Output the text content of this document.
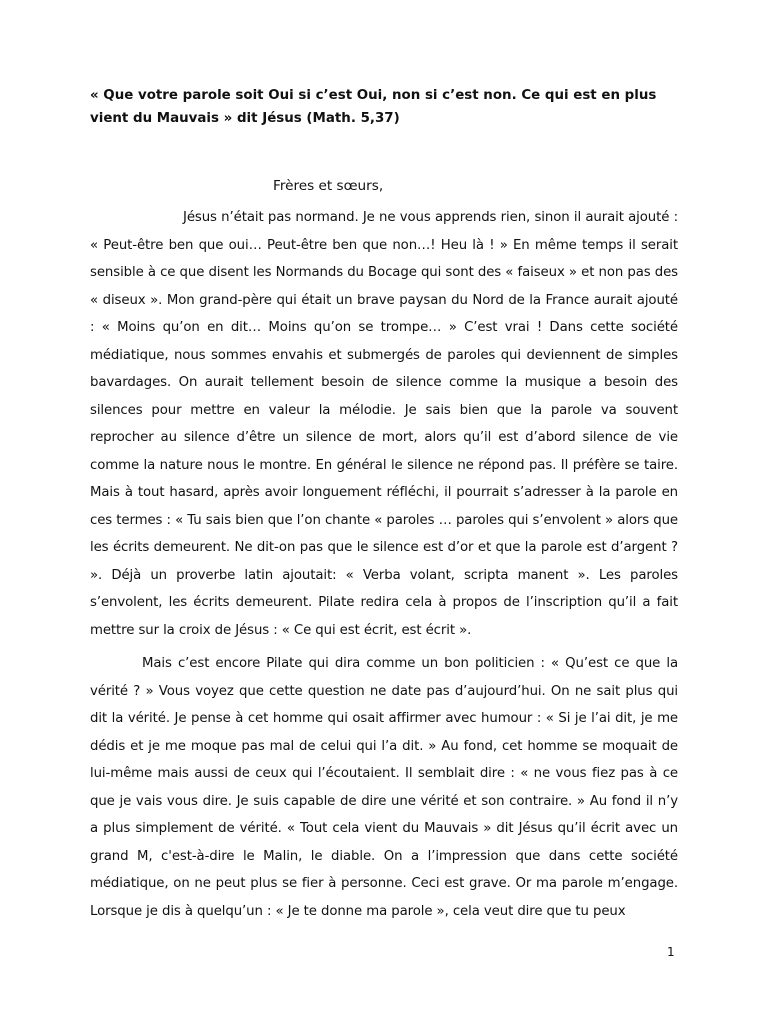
« Que votre parole soit Oui si c’est Oui, non si c’est non. Ce qui est en plus vient du Mauvais » dit Jésus (Math. 5,37)

Frères et sœurs,

Jésus n’était pas normand. Je ne vous apprends rien, sinon il aurait ajouté : « Peut-être ben que oui… Peut-être ben que non…! Heu là ! » En même temps il serait sensible à ce que disent les Normands du Bocage qui sont des « faiseux » et non pas des « diseux ». Mon grand-père qui était un brave paysan du Nord de la France aurait ajouté : « Moins qu’on en dit… Moins qu’on se trompe… » C’est vrai ! Dans cette société médiatique, nous sommes envahis et submergés de paroles qui deviennent de simples bavardages. On aurait tellement besoin de silence comme la musique a besoin des silences pour mettre en valeur la mélodie. Je sais bien que la parole va souvent reprocher au silence d’être un silence de mort, alors qu’il est d’abord silence de vie comme la nature nous le montre. En général le silence ne répond pas. Il préfère se taire. Mais à tout hasard, après avoir longuement réfléchi, il pourrait s’adresser à la parole en ces termes : « Tu sais bien que l’on chante « paroles … paroles qui s’envolent » alors que les écrits demeurent. Ne dit-on pas que le silence est d’or et que la parole est d’argent ? ». Déjà un proverbe latin ajoutait: « Verba volant, scripta manent ». Les paroles s’envolent, les écrits demeurent. Pilate redira cela à propos de l’inscription qu’il a fait mettre sur la croix de Jésus : « Ce qui est écrit, est écrit ».

Mais c’est encore Pilate qui dira comme un bon politicien : « Qu’est ce que la vérité ? » Vous voyez que cette question ne date pas d’aujourd’hui. On ne sait plus qui dit la vérité. Je pense à cet homme qui osait affirmer avec humour : « Si je l’ai dit, je me dédis et je me moque pas mal de celui qui l’a dit. » Au fond, cet homme se moquait de lui-même mais aussi de ceux qui l’écoutaient. Il semblait dire : « ne vous fiez pas à ce que je vais vous dire. Je suis capable de dire une vérité et son contraire. » Au fond il n’y a plus simplement de vérité. « Tout cela vient du Mauvais » dit Jésus qu’il écrit avec un grand M, c'est-à-dire le Malin, le diable. On a l’impression que dans cette société médiatique, on ne peut plus se fier à personne. Ceci est grave. Or ma parole m’engage. Lorsque je dis à quelqu’un : « Je te donne ma parole », cela veut dire que tu peux

1
